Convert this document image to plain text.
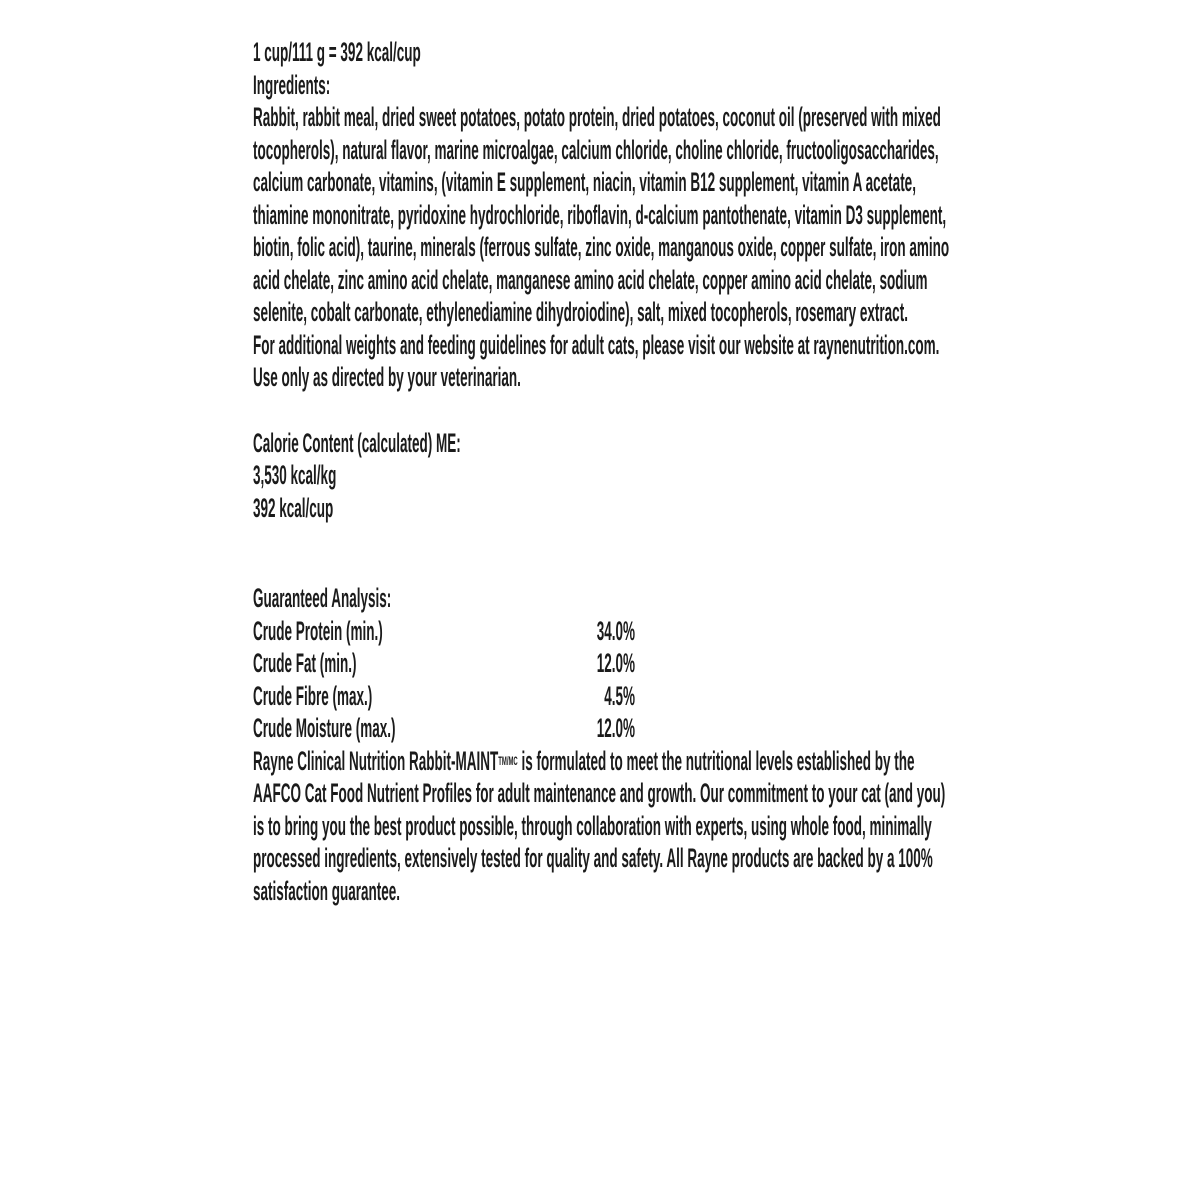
1 cup/111 g = 392 kcal/cup

Ingredients:

Rabbit, rabbit meal, dried sweet potatoes, potato protein, dried potatoes, coconut oil (preserved with mixed tocopherols), natural flavor, marine microalgae, calcium chloride, choline chloride, fructooligosaccharides, calcium carbonate, vitamins, (vitamin E supplement, niacin, vitamin B12 supplement, vitamin A acetate, thiamine mononitrate, pyridoxine hydrochloride, riboflavin, d-calcium pantothenate, vitamin D3 supplement, biotin, folic acid), taurine, minerals (ferrous sulfate, zinc oxide, manganous oxide, copper sulfate, iron amino acid chelate, zinc amino acid chelate, manganese amino acid chelate, copper amino acid chelate, sodium selenite, cobalt carbonate, ethylenediamine dihydroiodine), salt, mixed tocopherols, rosemary extract.

For additional weights and feeding guidelines for adult cats, please visit our website at raynenutrition.com.

Use only as directed by your veterinarian.

Calorie Content (calculated) ME:

3,530 kcal/kg

392 kcal/cup

Guaranteed Analysis:

Crude Protein (min.)	34.0%
Crude Fat (min.)	12.0%
Crude Fibre (max.)	4.5%
Crude Moisture (max.)	12.0%

Rayne Clinical Nutrition Rabbit-$MAINT^{TM/MC}$ is formulated to meet the nutritional levels established by the AAFCO Cat Food Nutrient Profiles for adult maintenance and growth. Our commitment to your cat (and you) is to bring you the best product possible, through collaboration with experts, using whole food, minimally processed ingredients, extensively tested for quality and safety. All Rayne products are backed by a 100% satisfaction guarantee.
